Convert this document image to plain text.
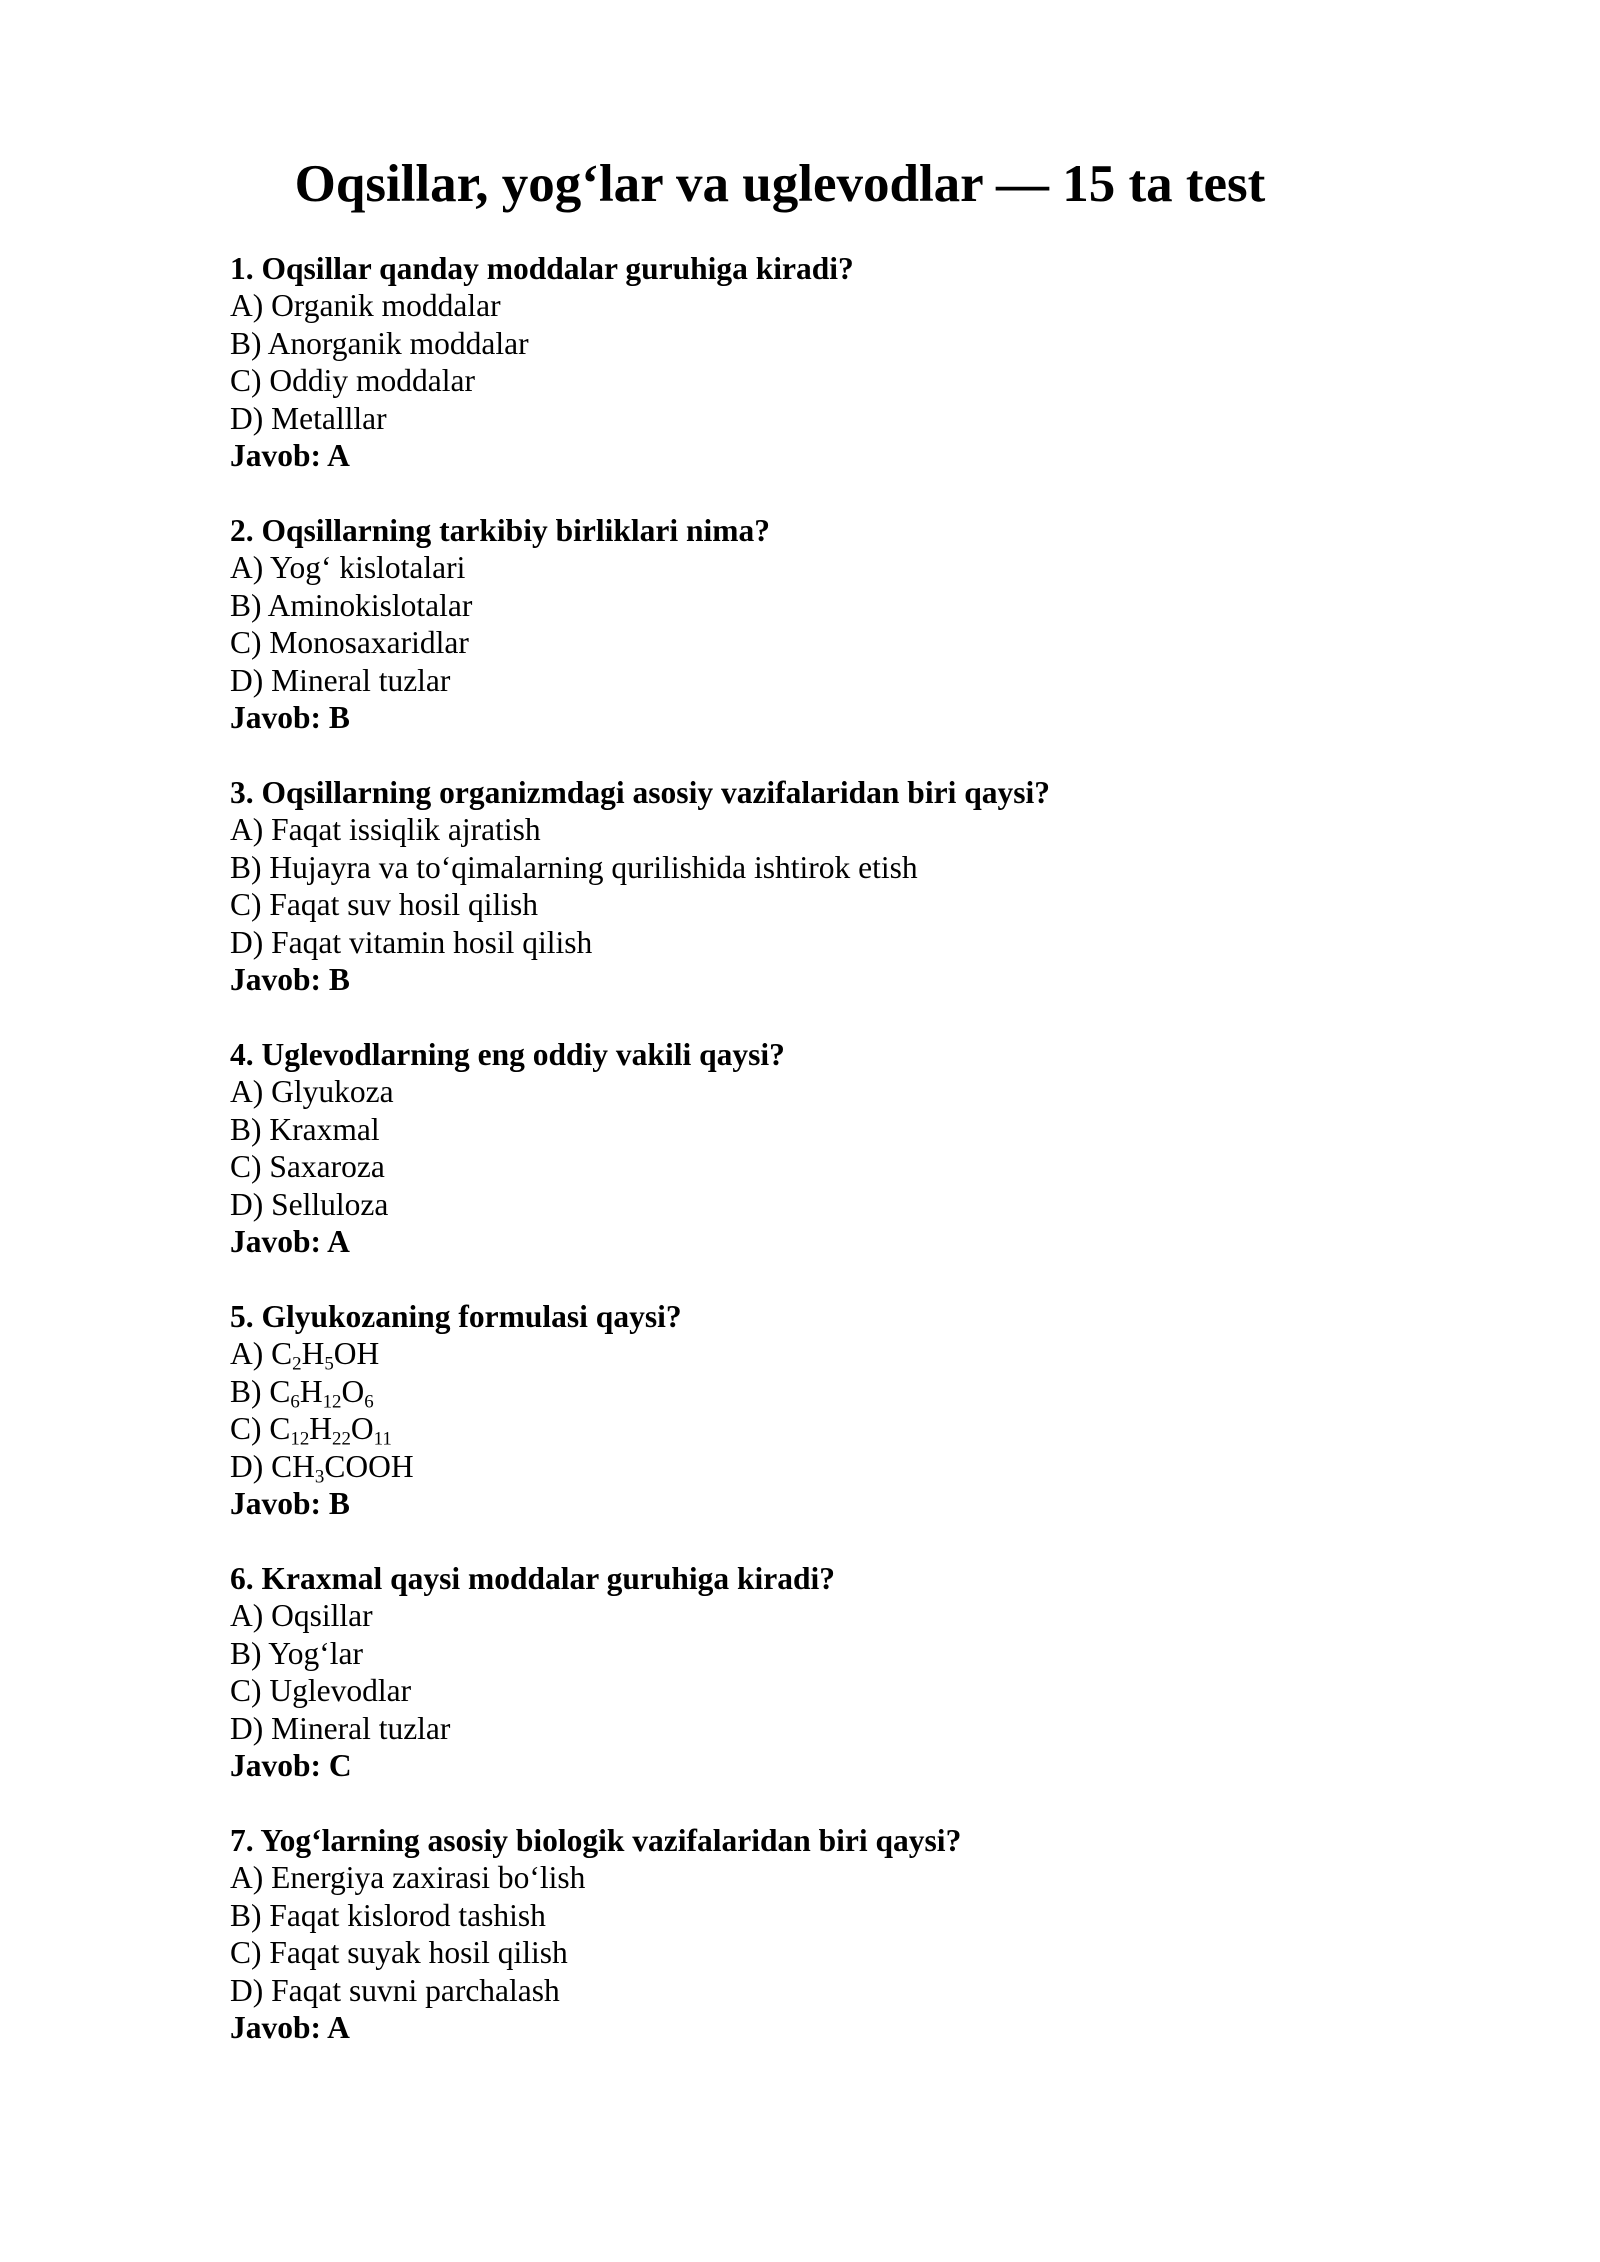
Oqsillar, yog‘lar va uglevodlar — 15 ta test
1. Oqsillar qanday moddalar guruhiga kiradi?
A) Organik moddalar
B) Anorganik moddalar
C) Oddiy moddalar
D) Metalllar
Javob: A
2. Oqsillarning tarkibiy birliklari nima?
A) Yog‘ kislotalari
B) Aminokislotalar
C) Monosaxaridlar
D) Mineral tuzlar
Javob: B
3. Oqsillarning organizmdagi asosiy vazifalaridan biri qaysi?
A) Faqat issiqlik ajratish
B) Hujayra va to‘qimalarning qurilishida ishtirok etish
C) Faqat suv hosil qilish
D) Faqat vitamin hosil qilish
Javob: B
4. Uglevodlarning eng oddiy vakili qaysi?
A) Glyukoza
B) Kraxmal
C) Saxaroza
D) Selluloza
Javob: A
5. Glyukozaning formulasi qaysi?
A) $C_2H_5OH$
B) $C_6H_{12}O_6$
C) $C_{12}H_{22}O_{11}$
D) $CH_3COOH$
Javob: B
6. Kraxmal qaysi moddalar guruhiga kiradi?
A) Oqsillar
B) Yog‘lar
C) Uglevodlar
D) Mineral tuzlar
Javob: C
7. Yog‘larning asosiy biologik vazifalaridan biri qaysi?
A) Energiya zaxirasi bo‘lish
B) Faqat kislorod tashish
C) Faqat suyak hosil qilish
D) Faqat suvni parchalash
Javob: A
